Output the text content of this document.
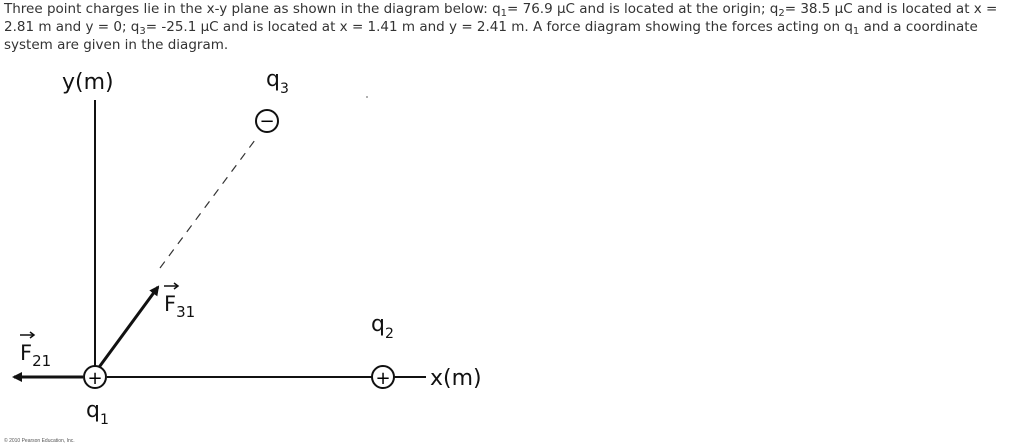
Three point charges lie in the x-y plane as shown in the diagram below: $q_1= 76.9$ μC and is located at the origin; $q_2= 38.5$ μC and is located at x = 2.81 m and y = 0; $q_3= -25.1$ μC and is located at x = 1.41 m and y = 2.41 m. A force diagram showing the forces acting on $q_1$ and a coordinate system are given in the diagram.
y(m)
x(m)
$F_{31}$
$F_{21}$
+
$q_1$
+
$q_2$
−
$q_3$
© 2010 Pearson Education, Inc.
